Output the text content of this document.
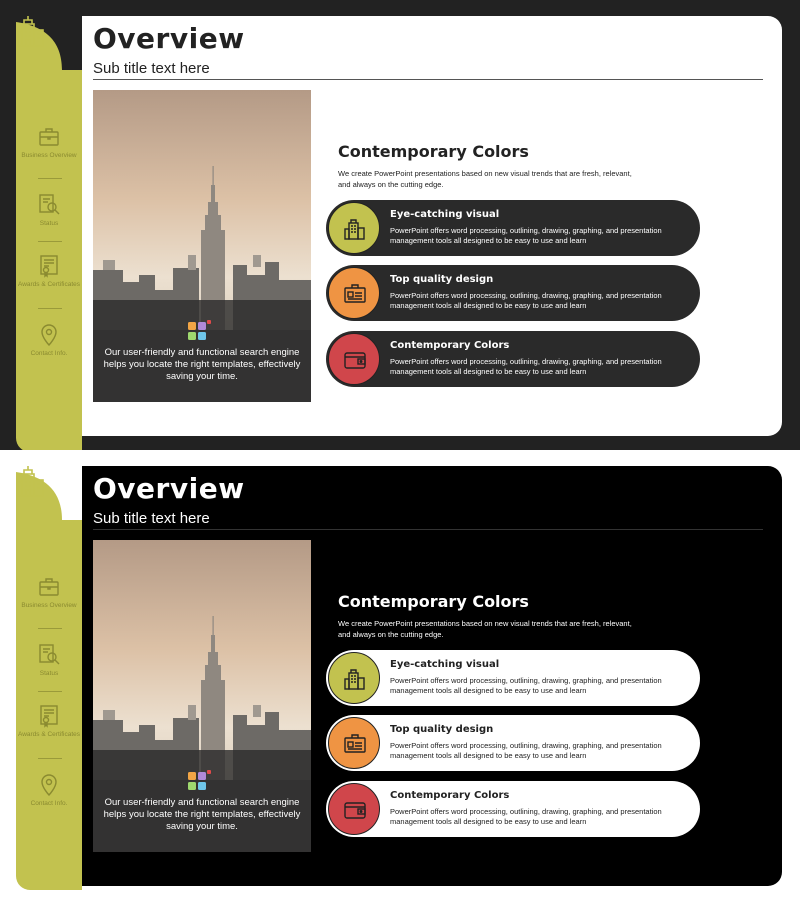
Overview
Sub title text here
Business Overview
Status
Awards & Certificates
Contact Info.	Our user-friendly and functional search engine helps you locate the right templates, effectively saving your time.
Contemporary Colors
We create PowerPoint presentations based on new visual trends that are fresh, relevant, and always on the cutting edge.
Eye-catching visual
PowerPoint offers word processing, outlining, drawing, graphing, and presentation management tools all designed to be easy to use and learn
Top quality design
PowerPoint offers word processing, outlining, drawing, graphing, and presentation management tools all designed to be easy to use and learn
Contemporary Colors
PowerPoint offers word processing, outlining, drawing, graphing, and presentation management tools all designed to be easy to use and learn
Overview
Sub title text here
Business Overview
Status
Awards & Certificates
Contact Info.	Our user-friendly and functional search engine helps you locate the right templates, effectively saving your time.
Contemporary Colors
We create PowerPoint presentations based on new visual trends that are fresh, relevant, and always on the cutting edge.
Eye-catching visual
PowerPoint offers word processing, outlining, drawing, graphing, and presentation management tools all designed to be easy to use and learn
Top quality design
PowerPoint offers word processing, outlining, drawing, graphing, and presentation management tools all designed to be easy to use and learn
Contemporary Colors
PowerPoint offers word processing, outlining, drawing, graphing, and presentation management tools all designed to be easy to use and learn
